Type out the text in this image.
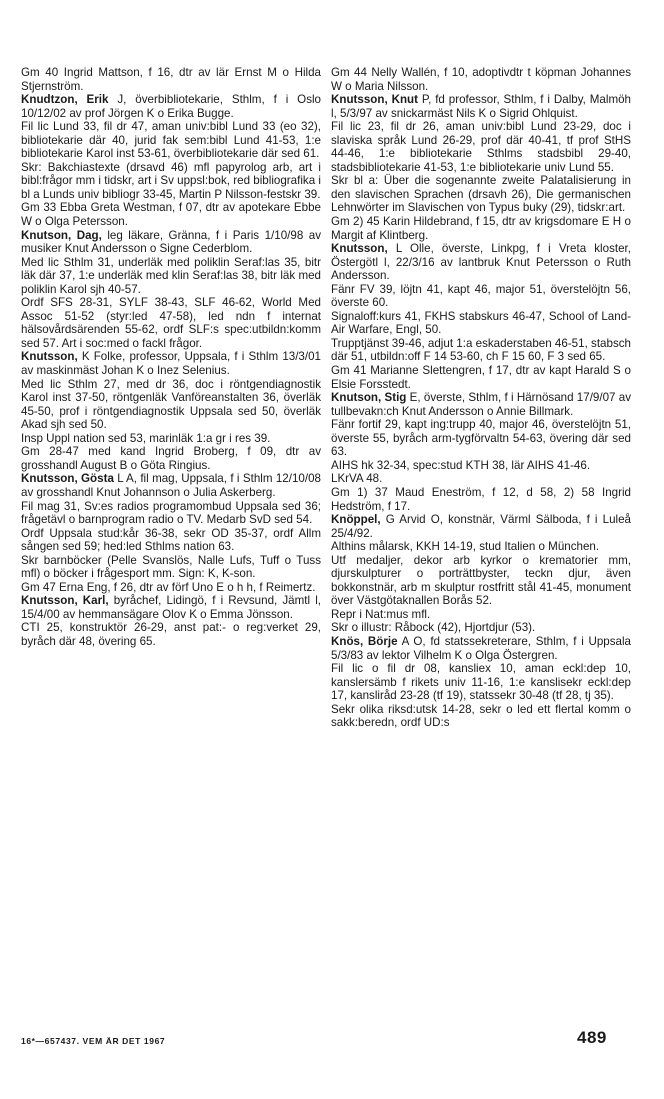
Gm 40 Ingrid Mattson, f 16, dtr av lär Ernst M o Hilda Stjernström.

Knudtzon, Erik J, överbibliotekarie, Sthlm, f i Oslo 10/12/02 av prof Jörgen K o Erika Bugge.

Fil lic Lund 33, fil dr 47, aman univ:bibl Lund 33 (eo 32), bibliotekarie där 40, jurid fak sem:bibl Lund 41-53, 1:e bibliotekarie Karol inst 53-61, överbibliotekarie där sed 61.

Skr: Bakchiastexte (drsavd 46) mfl papyrolog arb, art i bibl:frågor mm i tidskr, art i Sv uppsl:bok, red bibliografika i bl a Lunds univ bibliogr 33-45, Martin P Nilsson-festskr 39.

Gm 33 Ebba Greta Westman, f 07, dtr av apotekare Ebbe W o Olga Petersson.

Knutson, Dag, leg läkare, Gränna, f i Paris 1/10/98 av musiker Knut Andersson o Signe Cederblom.

Med lic Sthlm 31, underläk med poliklin Seraf:las 35, bitr läk där 37, 1:e underläk med klin Seraf:las 38, bitr läk med poliklin Karol sjh 40-57.

Ordf SFS 28-31, SYLF 38-43, SLF 46-62, World Med Assoc 51-52 (styr:led 47-58), led ndn f internat hälsovårdsärenden 55-62, ordf SLF:s spec:utbildn:komm sed 57. Art i soc:med o fackl frågor.

Knutsson, K Folke, professor, Uppsala, f i Sthlm 13/3/01 av maskinmäst Johan K o Inez Selenius.

Med lic Sthlm 27, med dr 36, doc i röntgendiagnostik Karol inst 37-50, röntgenläk Vanföreanstalten 36, överläk 45-50, prof i röntgendiagnostik Uppsala sed 50, överläk Akad sjh sed 50.

Insp Uppl nation sed 53, marinläk 1:a gr i res 39.

Gm 28-47 med kand Ingrid Broberg, f 09, dtr av grosshandl August B o Göta Ringius.

Knutsson, Gösta L A, fil mag, Uppsala, f i Sthlm 12/10/08 av grosshandl Knut Johannson o Julia Askerberg.

Fil mag 31, Sv:es radios programombud Uppsala sed 36; frågetävl o barnprogram radio o TV. Medarb SvD sed 54.

Ordf Uppsala stud:kår 36-38, sekr OD 35-37, ordf Allm sången sed 59; hed:led Sthlms nation 63.

Skr barnböcker (Pelle Svanslös, Nalle Lufs, Tuff o Tuss mfl) o böcker i frågesport mm. Sign: K, K-son.

Gm 47 Erna Eng, f 26, dtr av förf Uno E o h h, f Reimertz.

Knutsson, Karl, byråchef, Lidingö, f i Revsund, Jämtl l, 15/4/00 av hemmansägare Olov K o Emma Jönsson.

CTI 25, konstruktör 26-29, anst pat:- o reg:verket 29, byråch där 48, övering 65.

Gm 44 Nelly Wallén, f 10, adoptivdtr t köpman Johannes W o Maria Nilsson.

Knutsson, Knut P, fd professor, Sthlm, f i Dalby, Malmöh l, 5/3/97 av snickarmäst Nils K o Sigrid Ohlquist.

Fil lic 23, fil dr 26, aman univ:bibl Lund 23-29, doc i slaviska språk Lund 26-29, prof där 40-41, tf prof StHS 44-46, 1:e bibliotekarie Sthlms stadsbibl 29-40, stadsbibliotekarie 41-53, 1:e bibliotekarie univ Lund 55.

Skr bl a: Über die sogenannte zweite Palatalisierung in den slavischen Sprachen (drsavh 26), Die germanischen Lehnwörter im Slavischen von Typus buky (29), tidskr:art.

Gm 2) 45 Karin Hildebrand, f 15, dtr av krigsdomare E H o Margit af Klintberg.

Knutsson, L Olle, överste, Linkpg, f i Vreta kloster, Östergötl l, 22/3/16 av lantbruk Knut Petersson o Ruth Andersson.

Fänr FV 39, löjtn 41, kapt 46, major 51, överstelöjtn 56, överste 60.

Signaloff:kurs 41, FKHS stabskurs 46-47, School of Land-Air Warfare, Engl, 50.

Trupptjänst 39-46, adjut 1:a eskaderstaben 46-51, stabsch där 51, utbildn:off F 14 53-60, ch F 15 60, F 3 sed 65.

Gm 41 Marianne Slettengren, f 17, dtr av kapt Harald S o Elsie Forsstedt.

Knutson, Stig E, överste, Sthlm, f i Härnösand 17/9/07 av tullbevakn:ch Knut Andersson o Annie Billmark.

Fänr fortif 29, kapt ing:trupp 40, major 46, överstelöjtn 51, överste 55, byråch arm-tygförvaltn 54-63, övering där sed 63.

AIHS hk 32-34, spec:stud KTH 38, lär AIHS 41-46.

LKrVA 48.

Gm 1) 37 Maud Eneström, f 12, d 58, 2) 58 Ingrid Hedström, f 17.

Knöppel, G Arvid O, konstnär, Värml Sälboda, f i Luleå 25/4/92.

Althins målarsk, KKH 14-19, stud Italien o München.

Utf medaljer, dekor arb kyrkor o krematorier mm, djurskulpturer o porträttbyster, teckn djur, även bokkonstnär, arb m skulptur rostfritt stål 41-45, monument över Västgötaknallen Borås 52.

Repr i Nat:mus mfl.

Skr o illustr: Råbock (42), Hjortdjur (53).

Knös, Börje A O, fd statssekreterare, Sthlm, f i Uppsala 5/3/83 av lektor Vilhelm K o Olga Östergren.

Fil lic o fil dr 08, kansliex 10, aman eckl:dep 10, kanslersämb f rikets univ 11-16, 1:e kanslisekr eckl:dep 17, kansliråd 23-28 (tf 19), statssekr 30-48 (tf 28, tj 35).

Sekr olika riksd:utsk 14-28, sekr o led ett flertal komm o sakk:beredn, ordf UD:s

16*—657437. VEM ÄR DET 1967	489
